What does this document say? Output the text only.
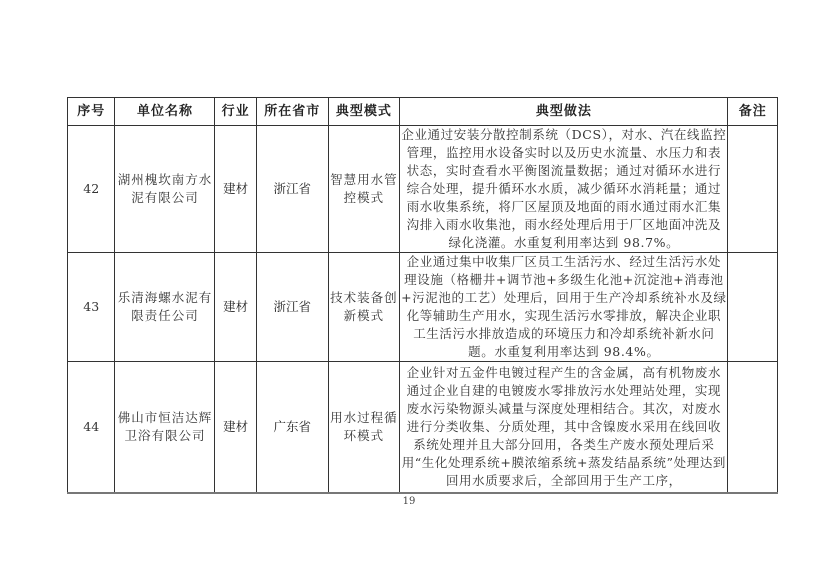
序号	单位名称	行业	所在省市	典型模式	典型做法	备注
42	湖州槐坎南方水泥有限公司	建材	浙江省	智慧用水管控模式	企业通过安装分散控制系统（DCS），对水、汽在线监控管理，监控用水设备实时以及历史水流量、水压力和表状态，实时查看水平衡图流量数据；通过对循环水进行综合处理，提升循环水水质，减少循环水消耗量；通过雨水收集系统，将厂区屋顶及地面的雨水通过雨水汇集沟排入雨水收集池，雨水经处理后用于厂区地面冲洗及绿化浇灌。水重复利用率达到 98.7%。	
43	乐清海螺水泥有限责任公司	建材	浙江省	技术装备创新模式	企业通过集中收集厂区员工生活污水、经过生活污水处理设施（格栅井+调节池+多级生化池+沉淀池+消毒池+污泥池的工艺）处理后，回用于生产冷却系统补水及绿化等辅助生产用水，实现生活污水零排放，解决企业职工生活污水排放造成的环境压力和冷却系统补新水问题。水重复利用率达到 98.4%。	
44	佛山市恒洁达辉卫浴有限公司	建材	广东省	用水过程循环模式	企业针对五金件电镀过程产生的含金属，高有机物废水通过企业自建的电镀废水零排放污水处理站处理，实现废水污染物源头减量与深度处理相结合。其次，对废水进行分类收集、分质处理，其中含镍废水采用在线回收系统处理并且大部分回用，各类生产废水预处理后采用“生化处理系统+膜浓缩系统+蒸发结晶系统”处理达到回用水质要求后，全部回用于生产工序，	
19
